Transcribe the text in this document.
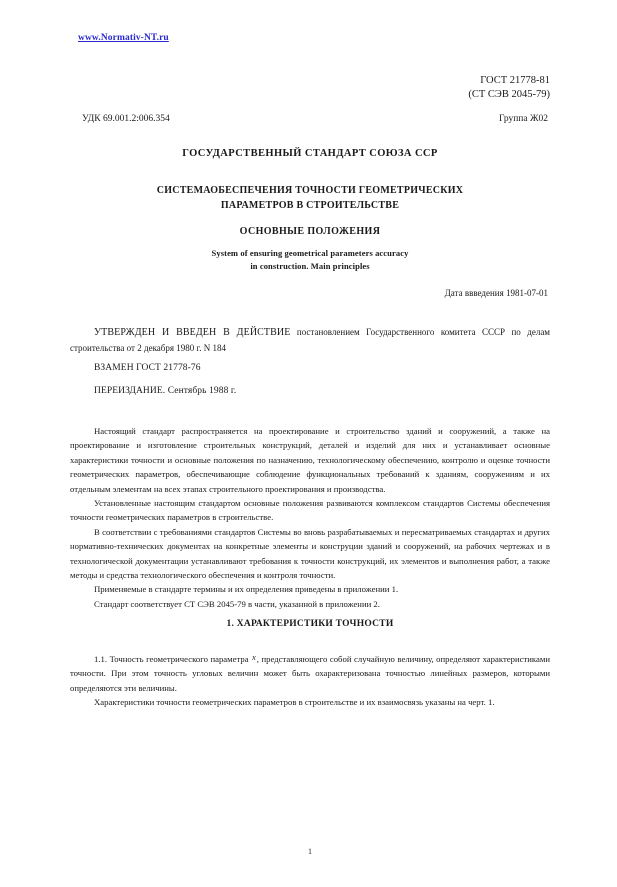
www.Normativ-NT.ru
ГОСТ 21778-81
(СТ СЭВ 2045-79)
УДК 69.001.2:006.354	Группа Ж02
ГОСУДАРСТВЕННЫЙ СТАНДАРТ СОЮЗА ССР
СИСТЕМАОБЕСПЕЧЕНИЯ ТОЧНОСТИ ГЕОМЕТРИЧЕСКИХ
ПАРАМЕТРОВ В СТРОИТЕЛЬСТВЕ
ОСНОВНЫЕ ПОЛОЖЕНИЯ
System of ensuring geometrical parameters accuracy
in construction. Main principles
Дата ввведения 1981-07-01
УТВЕРЖДЕН И ВВЕДЕН В ДЕЙСТВИЕ постановлением Государственного комитета СССР по делам строительства от 2 декабря 1980 г. N 184
ВЗАМЕН ГОСТ 21778-76
ПЕРЕИЗДАНИЕ. Сентябрь 1988 г.

Настоящий стандарт распространяется на проектирование и строительство зданий и сооружений, а также на проектирование и изготовление строительных конструкций, деталей и изделий для них и устанавливает основные характеристики точности и основные положения по назначению, технологическому обеспечению, контролю и оценке точности геометрических параметров, обеспечивающие соблюдение функциональных требований к зданиям, сооружениям и их отдельным элементам на всех этапах строительного проектирования и производства.

Установленные настоящим стандартом основные положения развиваются комплексом стандартов Системы обеспечения точности геометрических параметров в строительстве.

В соответствии с требованиями стандартов Системы во вновь разрабатываемых и пересматриваемых стандартах и других нормативно-технических документах на конкретные элементы и конструции зданий и сооружений, на рабочих чертежах и в технологической документации устанавливают требования к точности конструкций, их элементов и выполнения работ, а также методы и средства технологического обеспечения и контроля точности.

Применяемые в стандарте термины и их определения приведены в приложении 1.

Стандарт соответствует СТ СЭВ 2045-79 в части, указанной в приложении 2.

1. ХАРАКТЕРИСТИКИ ТОЧНОСТИ

1.1. Точность геометрического параметра x, представляющего собой случайную величину, определяют характеристиками точности. При этом точность угловых величин может быть охарактеризована точностью линейных размеров, которыми определяются эти величины.

Характеристики точности геометрических параметров в строительстве и их взаимосвязь указаны на черт. 1.

1
